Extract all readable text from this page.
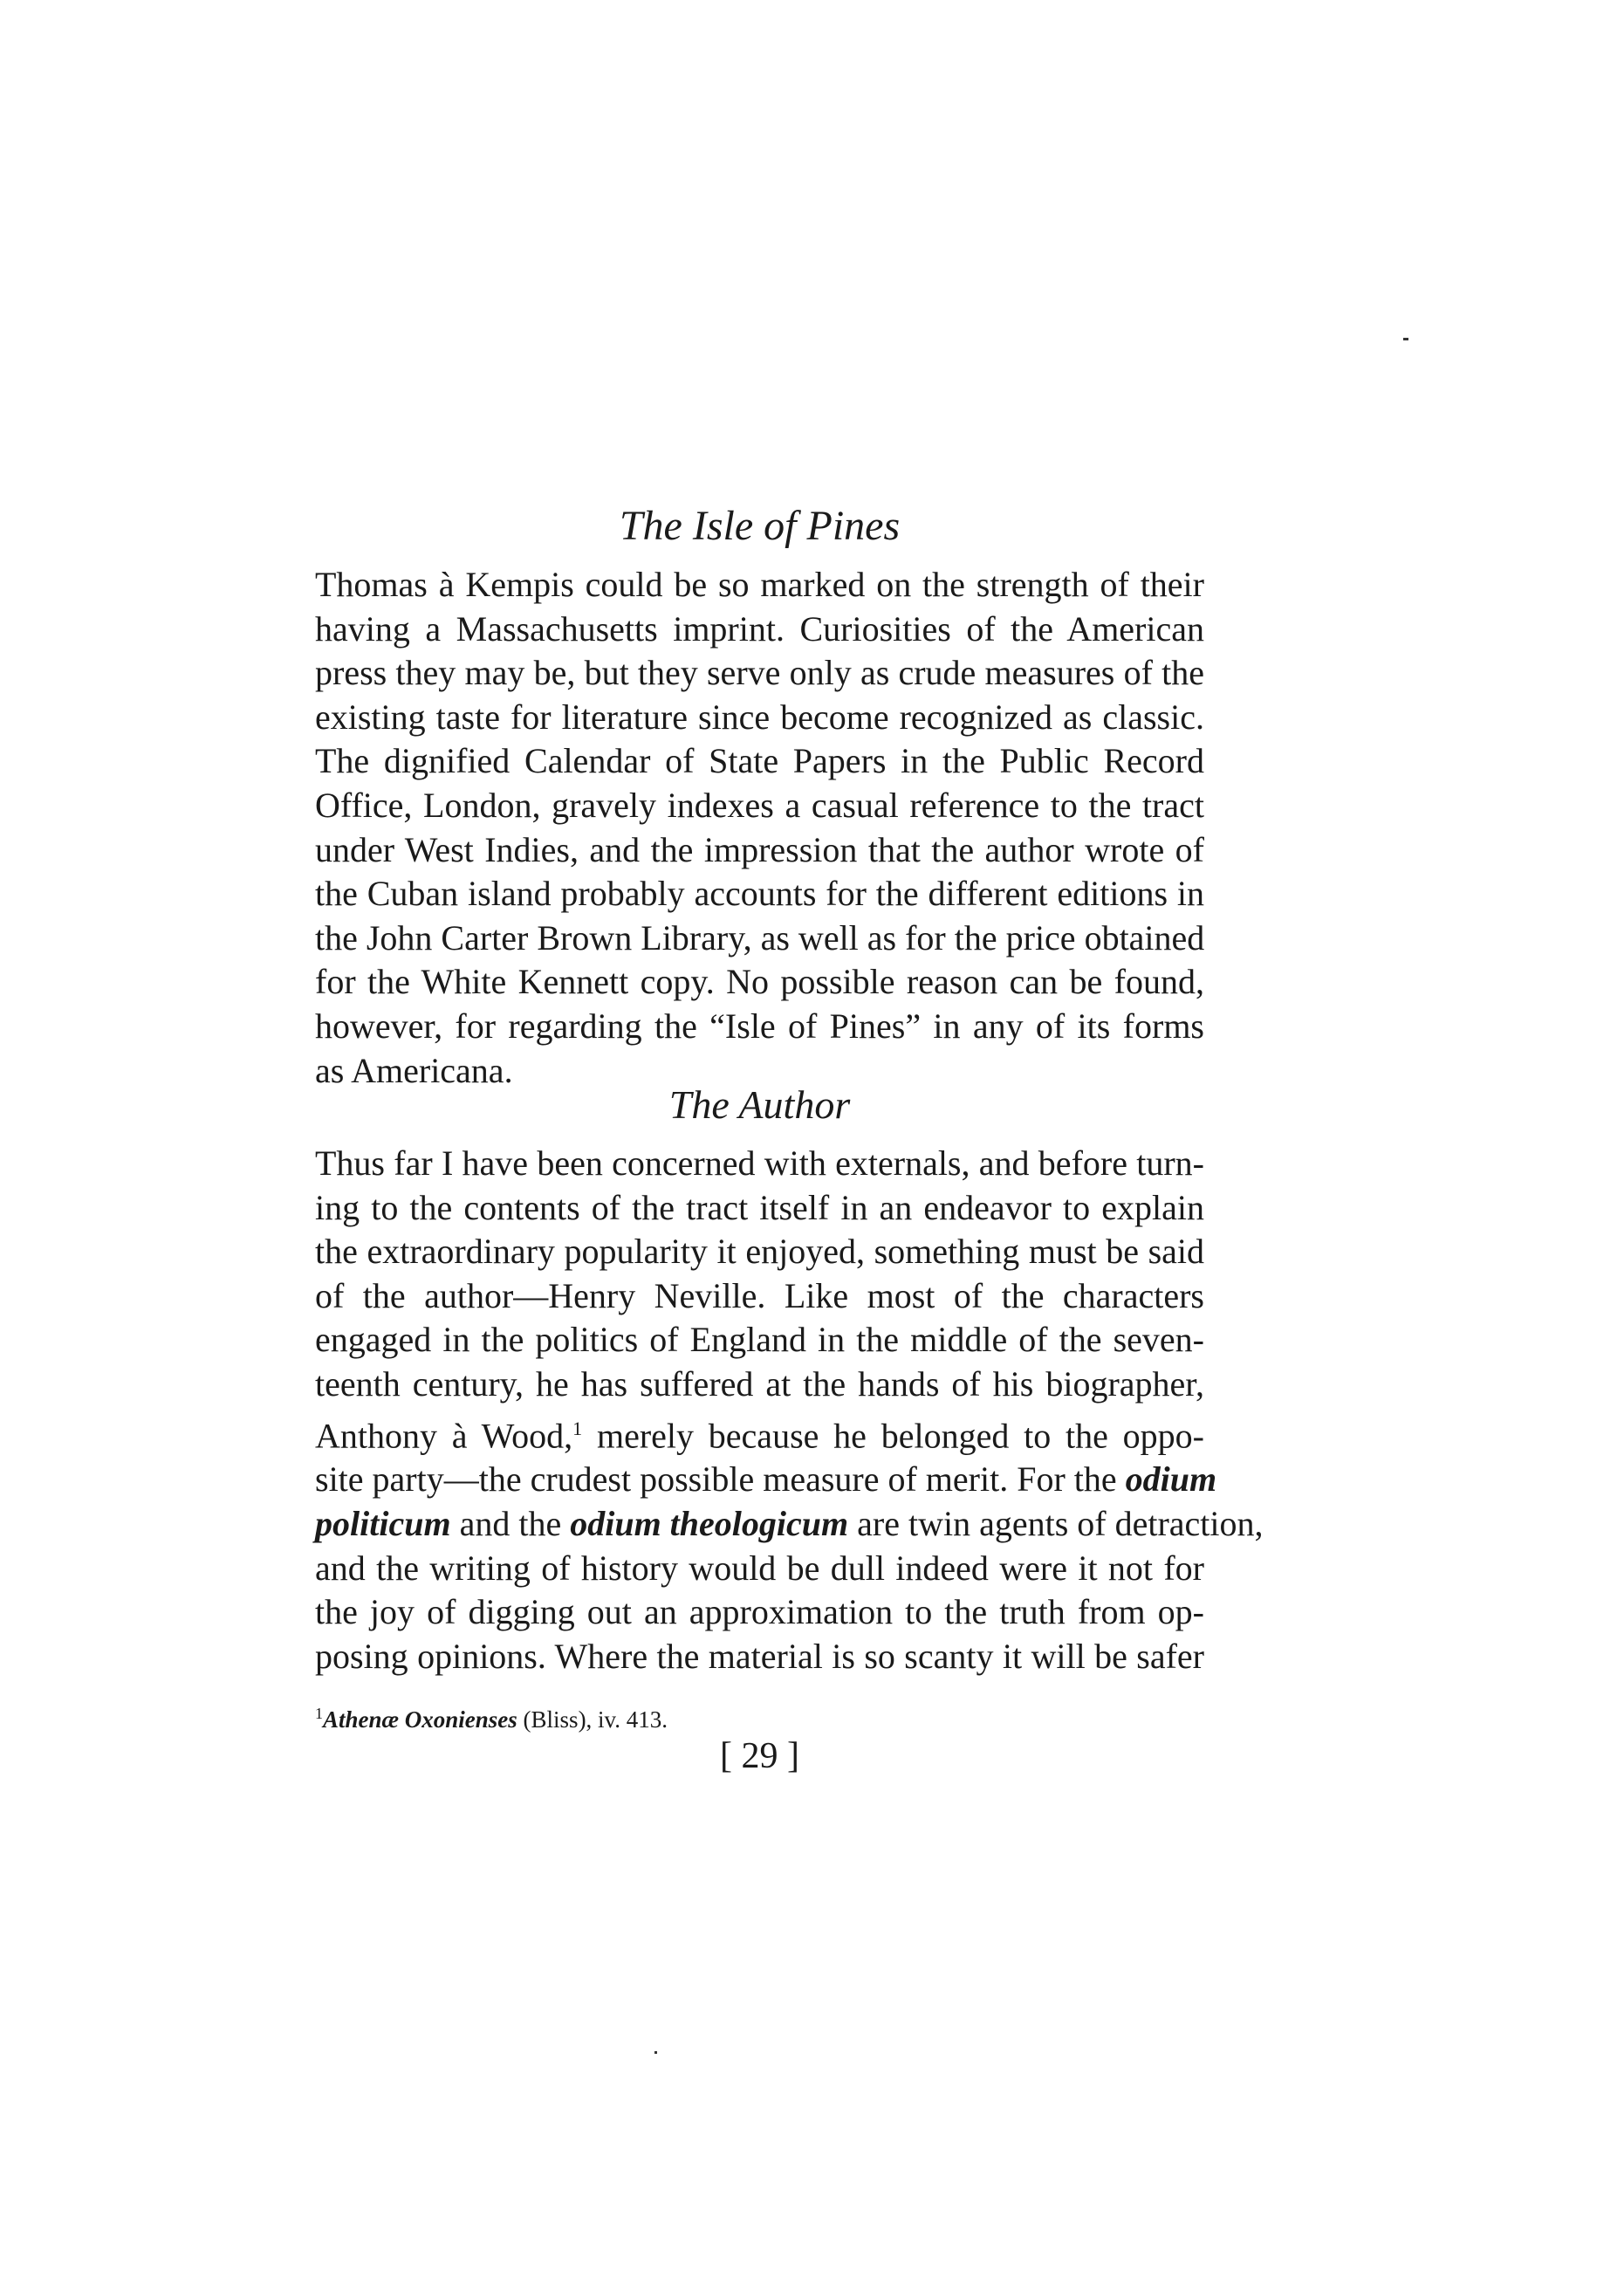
The Isle of Pines
Thomas à Kempis could be so marked on the strength of their
having a Massachusetts imprint. Curiosities of the American
press they may be, but they serve only as crude measures of the
existing taste for literature since become recognized as classic.
The dignified Calendar of State Papers in the Public Record
Office, London, gravely indexes a casual reference to the tract
under West Indies, and the impression that the author wrote of
the Cuban island probably accounts for the different editions in
the John Carter Brown Library, as well as for the price obtained
for the White Kennett copy. No possible reason can be found,
however, for regarding the “Isle of Pines” in any of its forms
as Americana.
The Author
Thus far I have been concerned with externals, and before turn-
ing to the contents of the tract itself in an endeavor to explain
the extraordinary popularity it enjoyed, something must be said
of the author—Henry Neville. Like most of the characters
engaged in the politics of England in the middle of the seven-
teenth century, he has suffered at the hands of his biographer,
Anthony à Wood,$^1$ merely because he belonged to the oppo-
site party—the crudest possible measure of merit. For the odium
politicum and the odium theologicum are twin agents of detraction,
and the writing of history would be dull indeed were it not for
the joy of digging out an approximation to the truth from op-
posing opinions. Where the material is so scanty it will be safer
$^1$Athenæ Oxonienses (Bliss), iv. 413.
[ 29 ]
